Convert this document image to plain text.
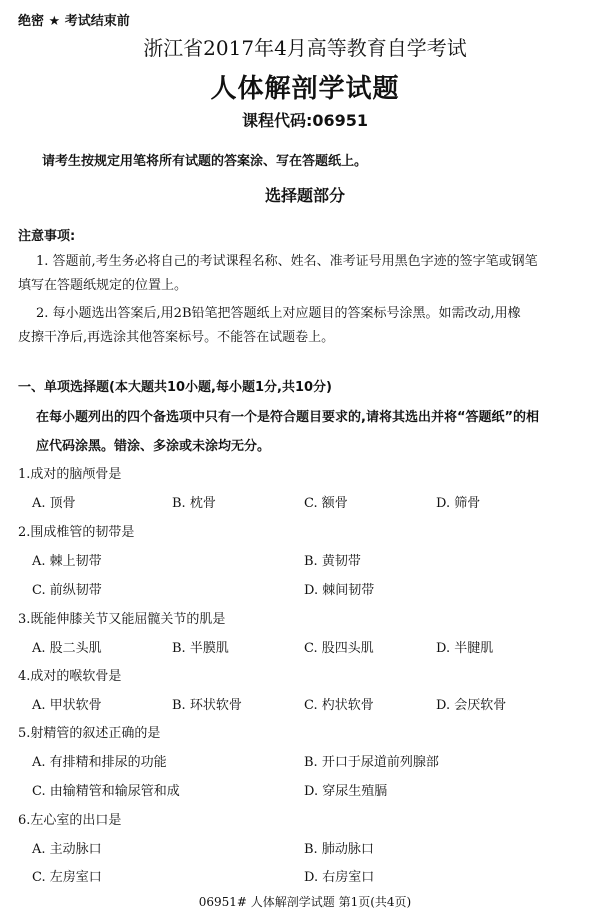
绝密 ★ 考试结束前
浙江省2017年4月高等教育自学考试
人体解剖学试题
课程代码:06951
请考生按规定用笔将所有试题的答案涂、写在答题纸上。
选择题部分
注意事项:
1. 答题前,考生务必将自己的考试课程名称、姓名、准考证号用黑色字迹的签字笔或钢笔
填写在答题纸规定的位置上。
2. 每小题选出答案后,用2B铅笔把答题纸上对应题目的答案标号涂黑。如需改动,用橡
皮擦干净后,再选涂其他答案标号。不能答在试题卷上。
一、单项选择题(本大题共10小题,每小题1分,共10分)
在每小题列出的四个备选项中只有一个是符合题目要求的,请将其选出并将“答题纸”的相
应代码涂黑。错涂、多涂或未涂均无分。
1.成对的脑颅骨是
A. 顶骨	B. 枕骨	C. 额骨	D. 筛骨
2.围成椎管的韧带是
A. 棘上韧带	B. 黄韧带
C. 前纵韧带	D. 棘间韧带
3.既能伸膝关节又能屈髋关节的肌是
A. 股二头肌	B. 半膜肌	C. 股四头肌	D. 半腱肌
4.成对的喉软骨是
A. 甲状软骨	B. 环状软骨	C. 杓状软骨	D. 会厌软骨
5.射精管的叙述正确的是
A. 有排精和排尿的功能	B. 开口于尿道前列腺部
C. 由输精管和输尿管和成	D. 穿尿生殖膈
6.左心室的出口是
A. 主动脉口	B. 肺动脉口
C. 左房室口	D. 右房室口
06951# 人体解剖学试题 第1页(共4页)
